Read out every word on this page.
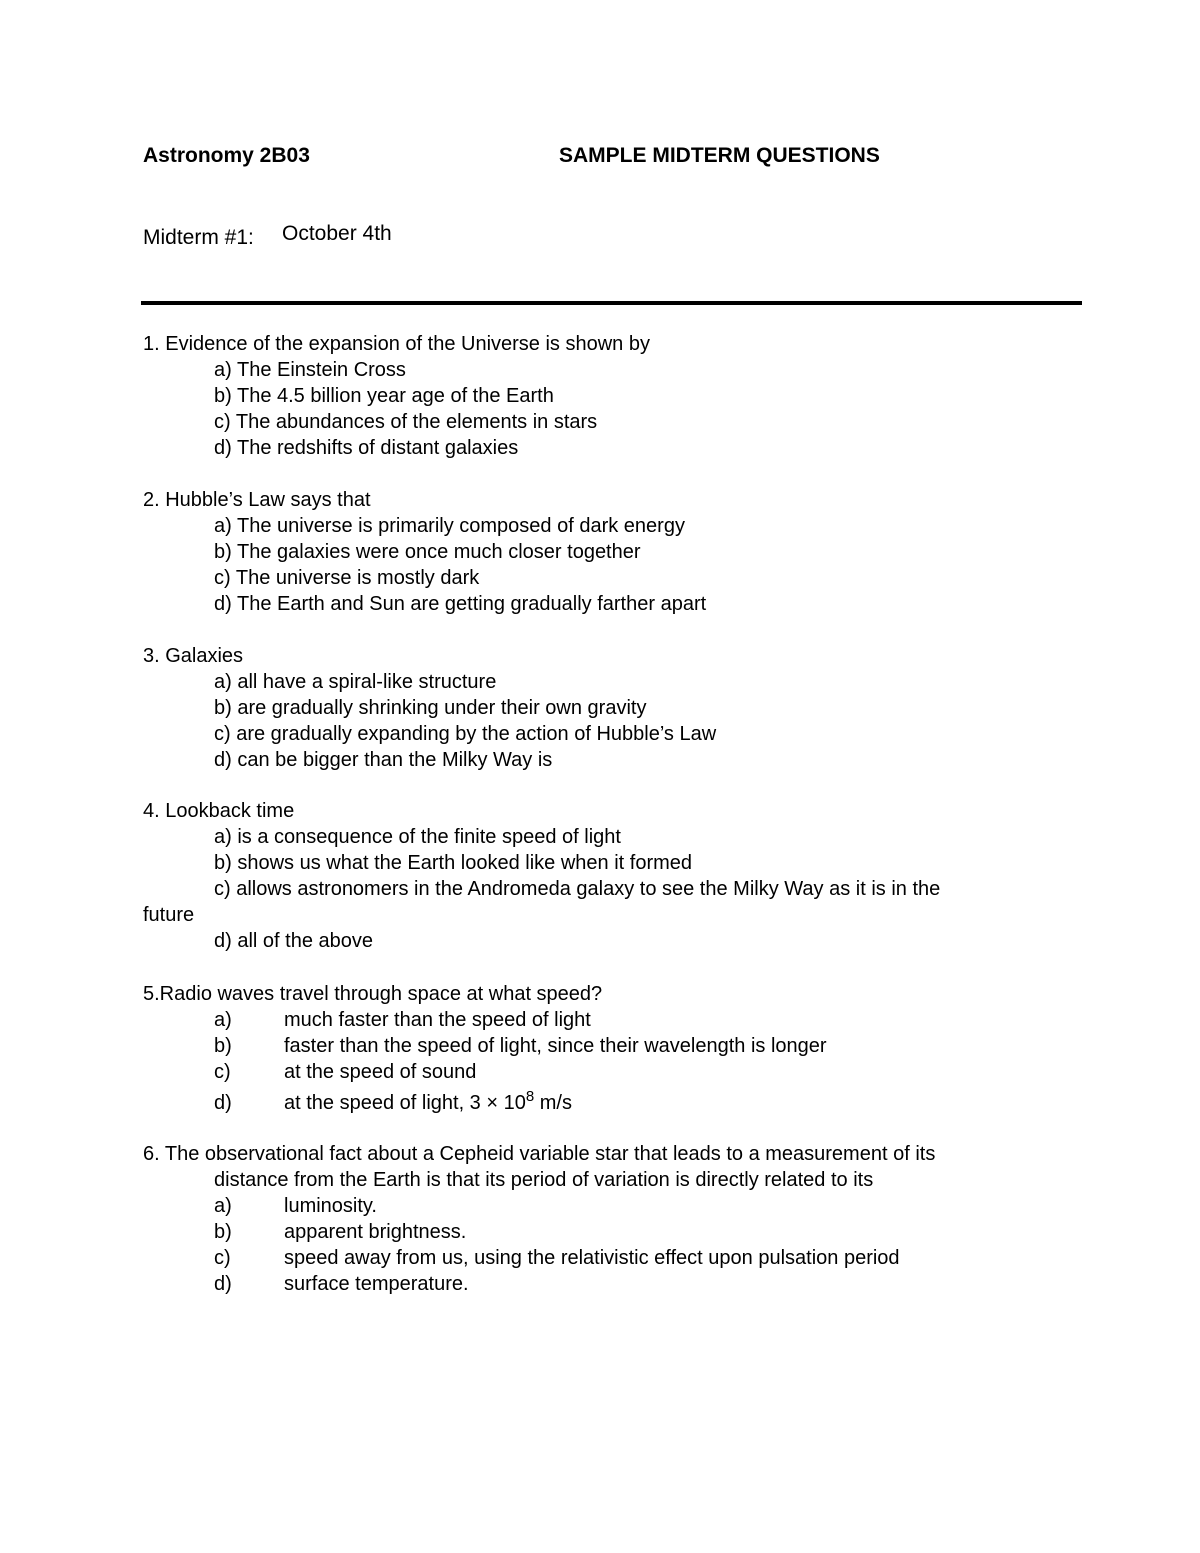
Astronomy 2B03	SAMPLE MIDTERM QUESTIONS
Midterm #1: October 4th
1. Evidence of the expansion of the Universe is shown by
a) The Einstein Cross
b) The 4.5 billion year age of the Earth
c) The abundances of the elements in stars
d) The redshifts of distant galaxies
2. Hubble’s Law says that
a) The universe is primarily composed of dark energy
b) The galaxies were once much closer together
c) The universe is mostly dark
d) The Earth and Sun are getting gradually farther apart
3. Galaxies
a) all have a spiral-like structure
b) are gradually shrinking under their own gravity
c) are gradually expanding by the action of Hubble’s Law
d) can be bigger than the Milky Way is
4. Lookback time
a) is a consequence of the finite speed of light
b) shows us what the Earth looked like when it formed
c) allows astronomers in the Andromeda galaxy to see the Milky Way as it is in the
future
d) all of the above
5.Radio waves travel through space at what speed?
a)	much faster than the speed of light
b)	faster than the speed of light, since their wavelength is longer
c)	at the speed of sound
d)	at the speed of light, $3 \times 10^8$ m/s
6. The observational fact about a Cepheid variable star that leads to a measurement of its
distance from the Earth is that its period of variation is directly related to its
a)	luminosity.
b)	apparent brightness.
c)	speed away from us, using the relativistic effect upon pulsation period
d)	surface temperature.
